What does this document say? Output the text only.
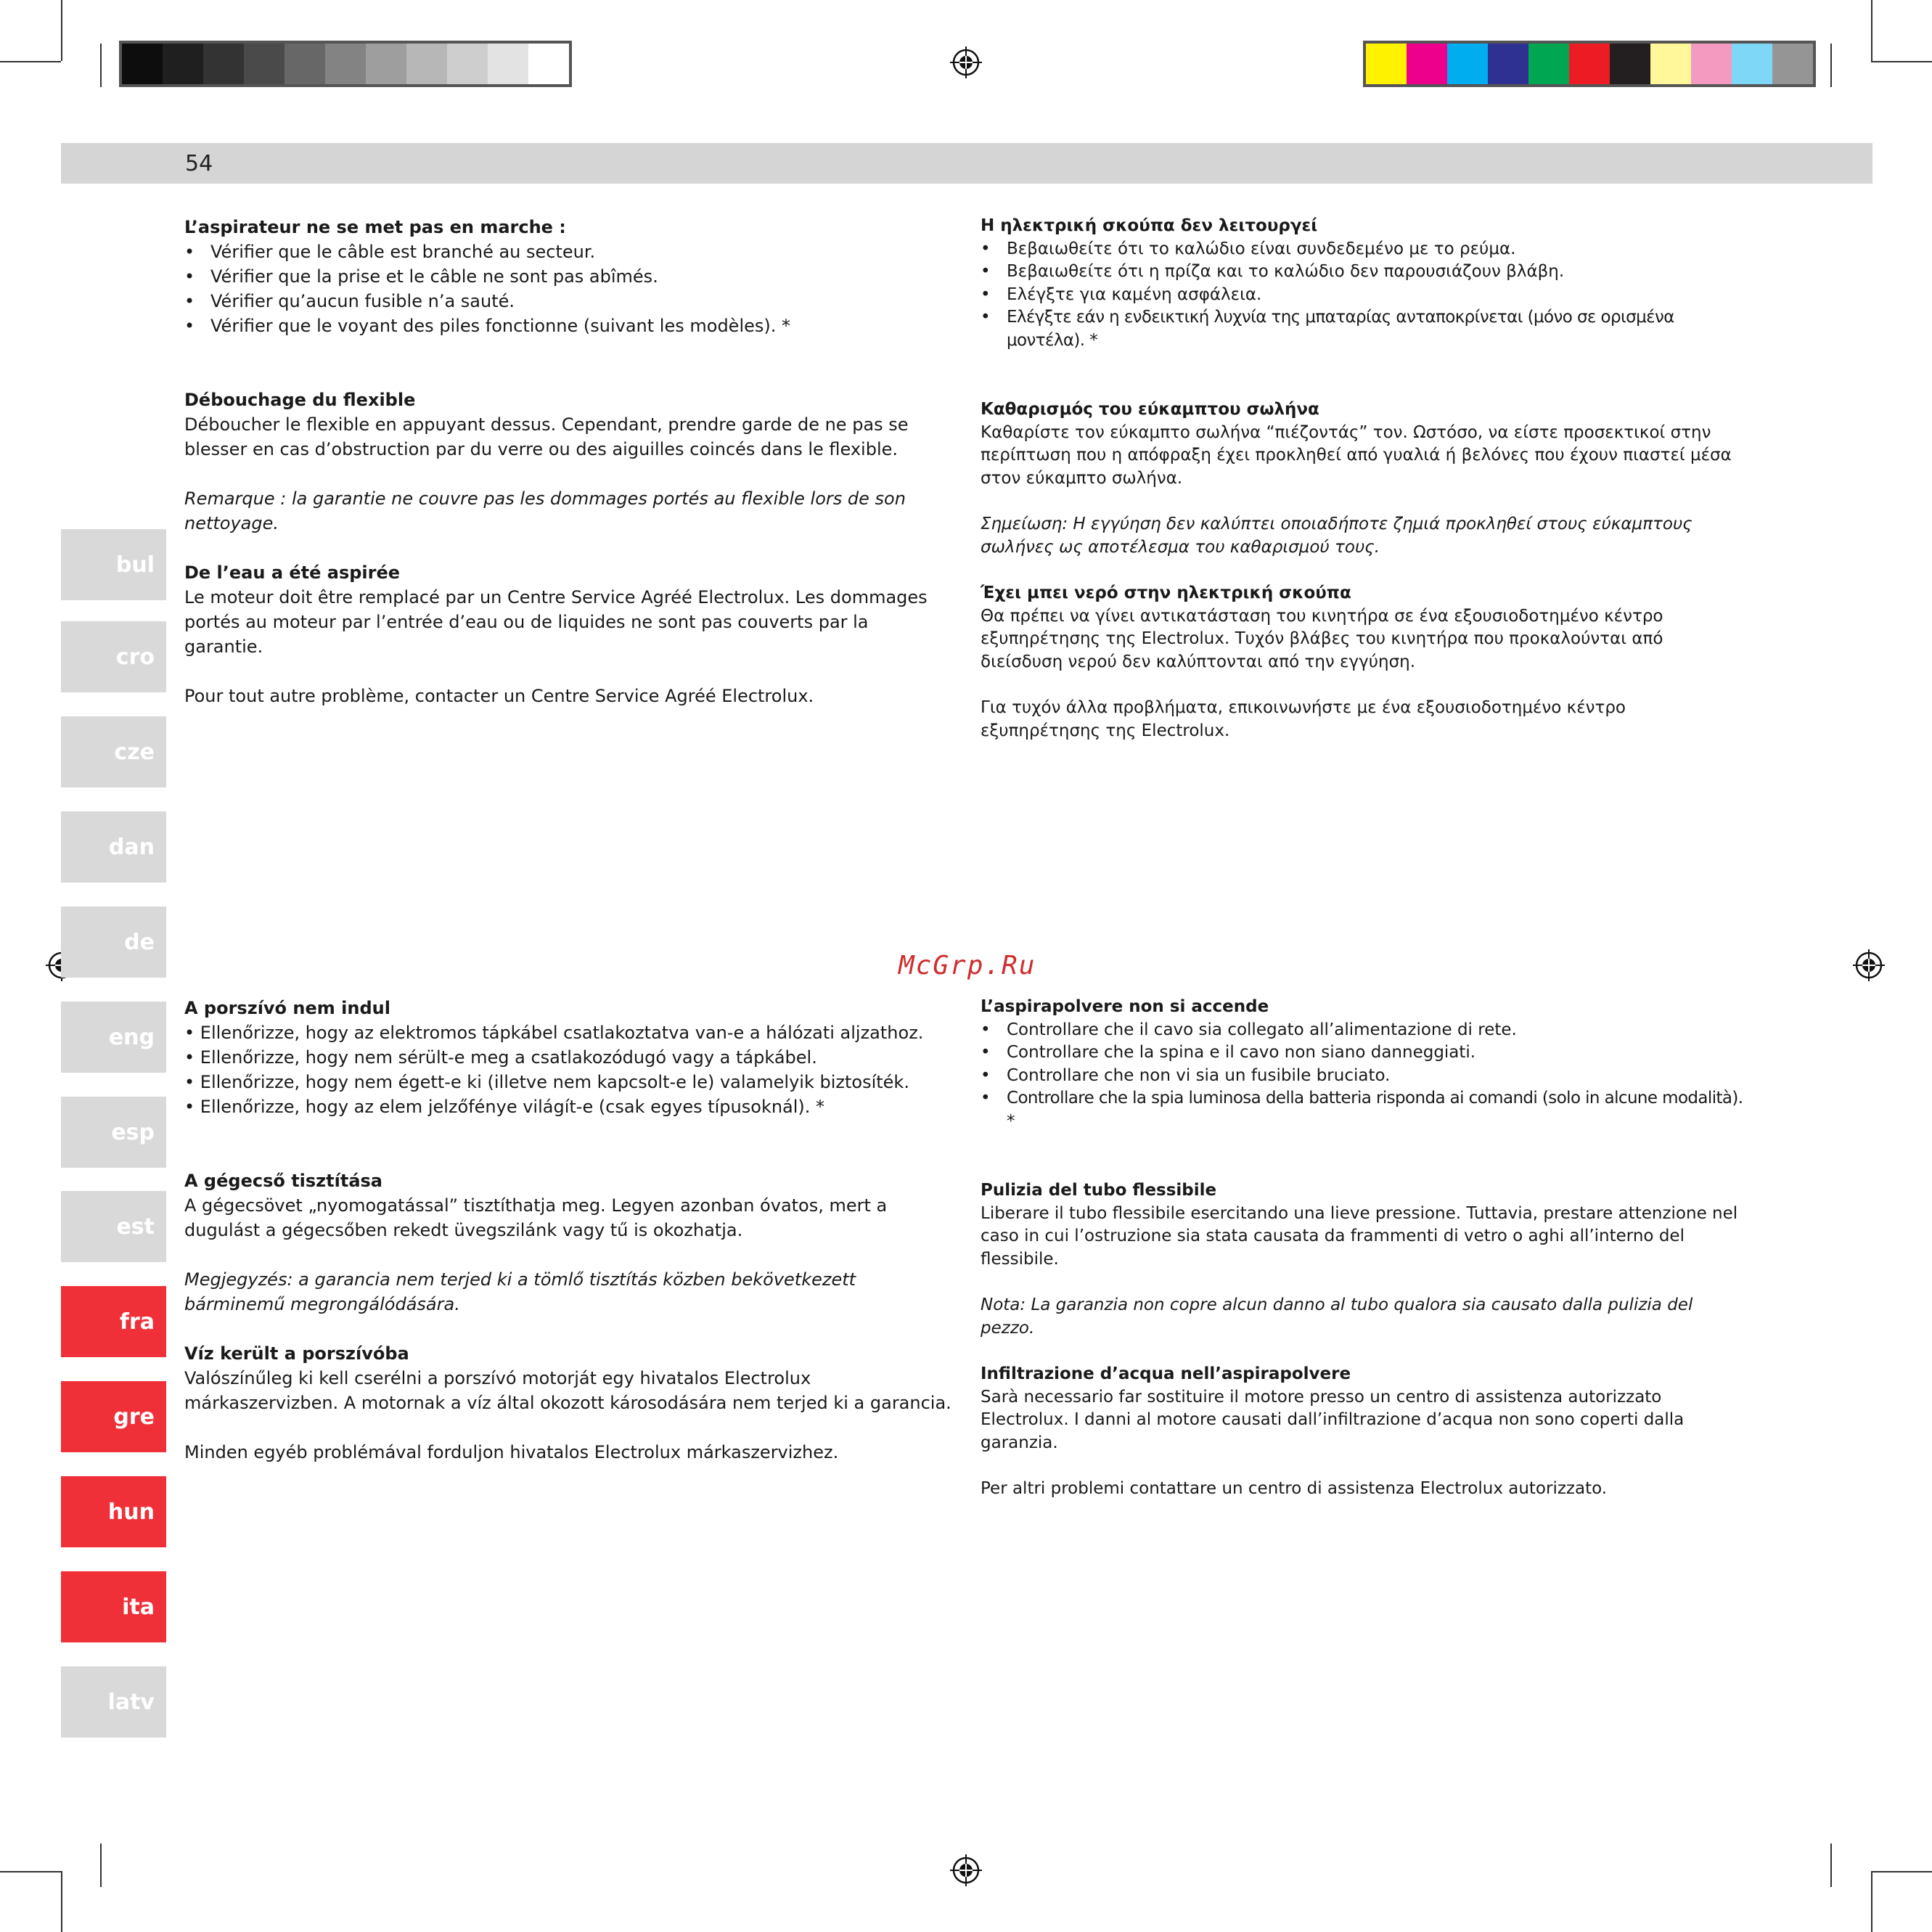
54
bul
cro
cze
dan
de
eng
esp
est
fra
gre
hun
ita
latv
L’aspirateur ne se met pas en marche :
• Vérifier que le câble est branché au secteur.
• Vérifier que la prise et le câble ne sont pas abîmés.
• Vérifier qu’aucun fusible n’a sauté.
• Vérifier que le voyant des piles fonctionne (suivant les modèles). *
Débouchage du flexible

Déboucher le flexible en appuyant dessus. Cependant, prendre garde de ne pas se blesser en cas d’obstruction par du verre ou des aiguilles coincés dans le flexible.

Remarque : la garantie ne couvre pas les dommages portés au flexible lors de son nettoyage.

De l’eau a été aspirée

Le moteur doit être remplacé par un Centre Service Agréé Electrolux. Les dommages portés au moteur par l’entrée d’eau ou de liquides ne sont pas couverts par la garantie.

Pour tout autre problème, contacter un Centre Service Agréé Electrolux.

Η ηλεκτρική σκούπα δεν λειτουργεί
• Βεβαιωθείτε ότι το καλώδιο είναι συνδεδεμένο με το ρεύμα.
• Βεβαιωθείτε ότι η πρίζα και το καλώδιο δεν παρουσιάζουν βλάβη.
• Ελέγξτε για καμένη ασφάλεια.
• Ελέγξτε εάν η ενδεικτική λυχνία της μπαταρίας ανταποκρίνεται (μόνο σε ορισμένα μοντέλα). *
Καθαρισμός του εύκαμπτου σωλήνα

Καθαρίστε τον εύκαμπτο σωλήνα “πιέζοντάς” τον. Ωστόσο, να είστε προσεκτικοί στην περίπτωση που η απόφραξη έχει προκληθεί από γυαλιά ή βελόνες που έχουν πιαστεί μέσα στον εύκαμπτο σωλήνα.

Σημείωση: Η εγγύηση δεν καλύπτει οποιαδήποτε ζημιά προκληθεί στους εύκαμπτους σωλήνες ως αποτέλεσμα του καθαρισμού τους.

Έχει μπει νερό στην ηλεκτρική σκούπα

Θα πρέπει να γίνει αντικατάσταση του κινητήρα σε ένα εξουσιοδοτημένο κέντρο εξυπηρέτησης της Electrolux. Τυχόν βλάβες του κινητήρα που προκαλούνται από διείσδυση νερού δεν καλύπτονται από την εγγύηση.

Για τυχόν άλλα προβλήματα, επικοινωνήστε με ένα εξουσιοδοτημένο κέντρο εξυπηρέτησης της Electrolux.

McGrp.Ru
A porszívó nem indul
• Ellenőrizze, hogy az elektromos tápkábel csatlakoztatva van-e a hálózati aljzathoz.
• Ellenőrizze, hogy nem sérült-e meg a csatlakozódugó vagy a tápkábel.
• Ellenőrizze, hogy nem égett-e ki (illetve nem kapcsolt-e le) valamelyik biztosíték.
• Ellenőrizze, hogy az elem jelzőfénye világít-e (csak egyes típusoknál). *
A gégecső tisztítása

A gégecsövet „nyomogatással” tisztíthatja meg. Legyen azonban óvatos, mert a dugulást a gégecsőben rekedt üvegszilánk vagy tű is okozhatja.

Megjegyzés: a garancia nem terjed ki a tömlő tisztítás közben bekövetkezett bárminemű megrongálódására.

Víz került a porszívóba

Valószínűleg ki kell cserélni a porszívó motorját egy hivatalos Electrolux márkaszervizben. A motornak a víz által okozott károsodására nem terjed ki a garancia.

Minden egyéb problémával forduljon hivatalos Electrolux márkaszervizhez.

L’aspirapolvere non si accende
• Controllare che il cavo sia collegato all’alimentazione di rete.
• Controllare che la spina e il cavo non siano danneggiati.
• Controllare che non vi sia un fusibile bruciato.
• Controllare che la spia luminosa della batteria risponda ai comandi (solo in alcune modalità). *
Pulizia del tubo flessibile

Liberare il tubo flessibile esercitando una lieve pressione. Tuttavia, prestare attenzione nel caso in cui l’ostruzione sia stata causata da frammenti di vetro o aghi all’interno del flessibile.

Nota: La garanzia non copre alcun danno al tubo qualora sia causato dalla pulizia del pezzo.

Infiltrazione d’acqua nell’aspirapolvere

Sarà necessario far sostituire il motore presso un centro di assistenza autorizzato Electrolux. I danni al motore causati dall’infiltrazione d’acqua non sono coperti dalla garanzia.

Per altri problemi contattare un centro di assistenza Electrolux autorizzato.
